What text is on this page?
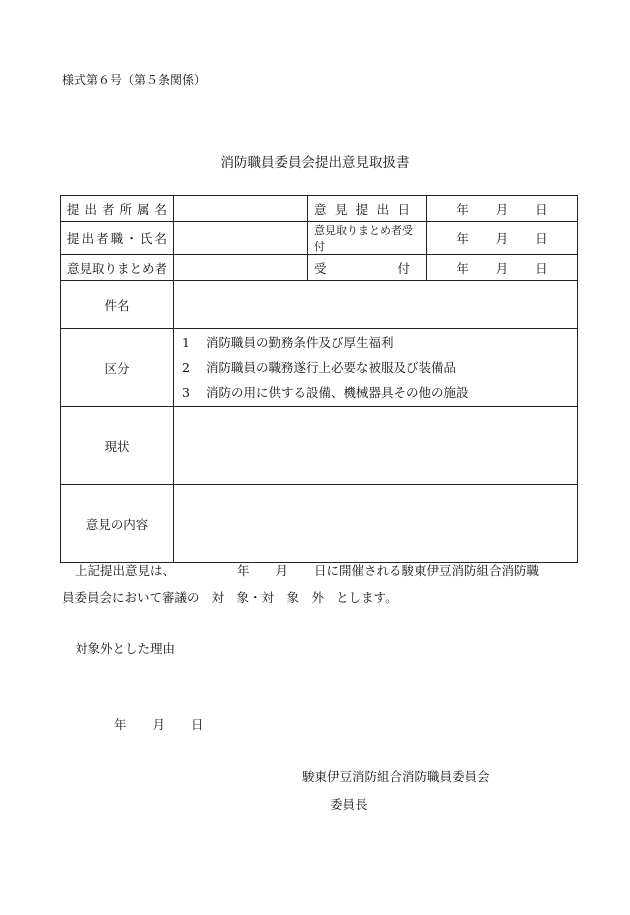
様式第６号（第５条関係）
消防職員委員会提出意見取扱書
提出者所属名		意見提出日	年 月 日

提出者職・氏名		意見取りまとめ者受付	年 月 日

意見取りまとめ者		受付	年 月 日

件名			
区分	1 消防職員の勤務条件及び厚生福利
2 消防職員の職務遂行上必要な被服及び装備品
3 消防の用に供する設備、機械器具その他の施設		

現状			
意見の内容			
上記提出意見は、	年 月 日に開催される駿東伊豆消防組合消防職
員委員会において審議の 対　象・対　象　外 とします。
対象外とした理由
年 月 日
駿東伊豆消防組合消防職員委員会
委員長
